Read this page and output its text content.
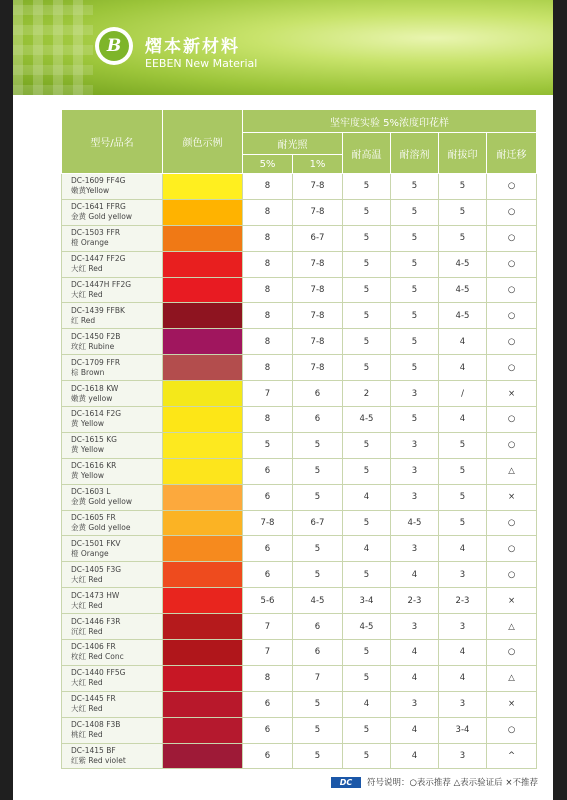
B	熠本新材料
EEBEN New Material
型号/品名	颜色示例	坚牢度实验 5%浓度印花样					
		耐光照		耐高温	耐溶剂	耐拔印	耐迁移
		5%	1%				

DC-1609 FF4G
嫩黄Yellow		8	7-8	5	5	5	○

DC-1641 FFRG
金黄 Gold yellow		8	7-8	5	5	5	○

DC-1503 FFR
橙 Orange		8	6-7	5	5	5	○

DC-1447 FF2G
大红 Red		8	7-8	5	5	4-5	○

DC-1447H FF2G
大红 Red		8	7-8	5	5	4-5	○

DC-1439 FFBK
红 Red		8	7-8	5	5	4-5	○

DC-1450 F2B
玫红 Rubine		8	7-8	5	5	4	○

DC-1709 FFR
棕 Brown		8	7-8	5	5	4	○

DC-1618 KW
嫩黄 yellow		7	6	2	3	/	×

DC-1614 F2G
黄 Yellow		8	6	4-5	5	4	○

DC-1615 KG
黄 Yellow		5	5	5	3	5	○

DC-1616 KR
黄 Yellow		6	5	5	3	5	△

DC-1603 L
金黄 Gold yellow		6	5	4	3	5	×

DC-1605 FR
金黄 Gold yelloe		7-8	6-7	5	4-5	5	○

DC-1501 FKV
橙 Orange		6	5	4	3	4	○

DC-1405 F3G
大红 Red		6	5	5	4	3	○

DC-1473 HW
大红 Red		5-6	4-5	3-4	2-3	2-3	×

DC-1446 F3R
沉红 Red		7	6	4-5	3	3	△

DC-1406 FR
枚红 Red Conc		7	6	5	4	4	○

DC-1440 FF5G
大红 Red		8	7	5	4	4	△

DC-1445 FR
大红 Red		6	5	4	3	3	×

DC-1408 F3B
桃红 Red		6	5	5	4	3-4	○

DC-1415 BF
红紫 Red violet		6	5	5	4	3	^
DC	符号说明：○表示推荐 △表示验证后 ×不推荐
